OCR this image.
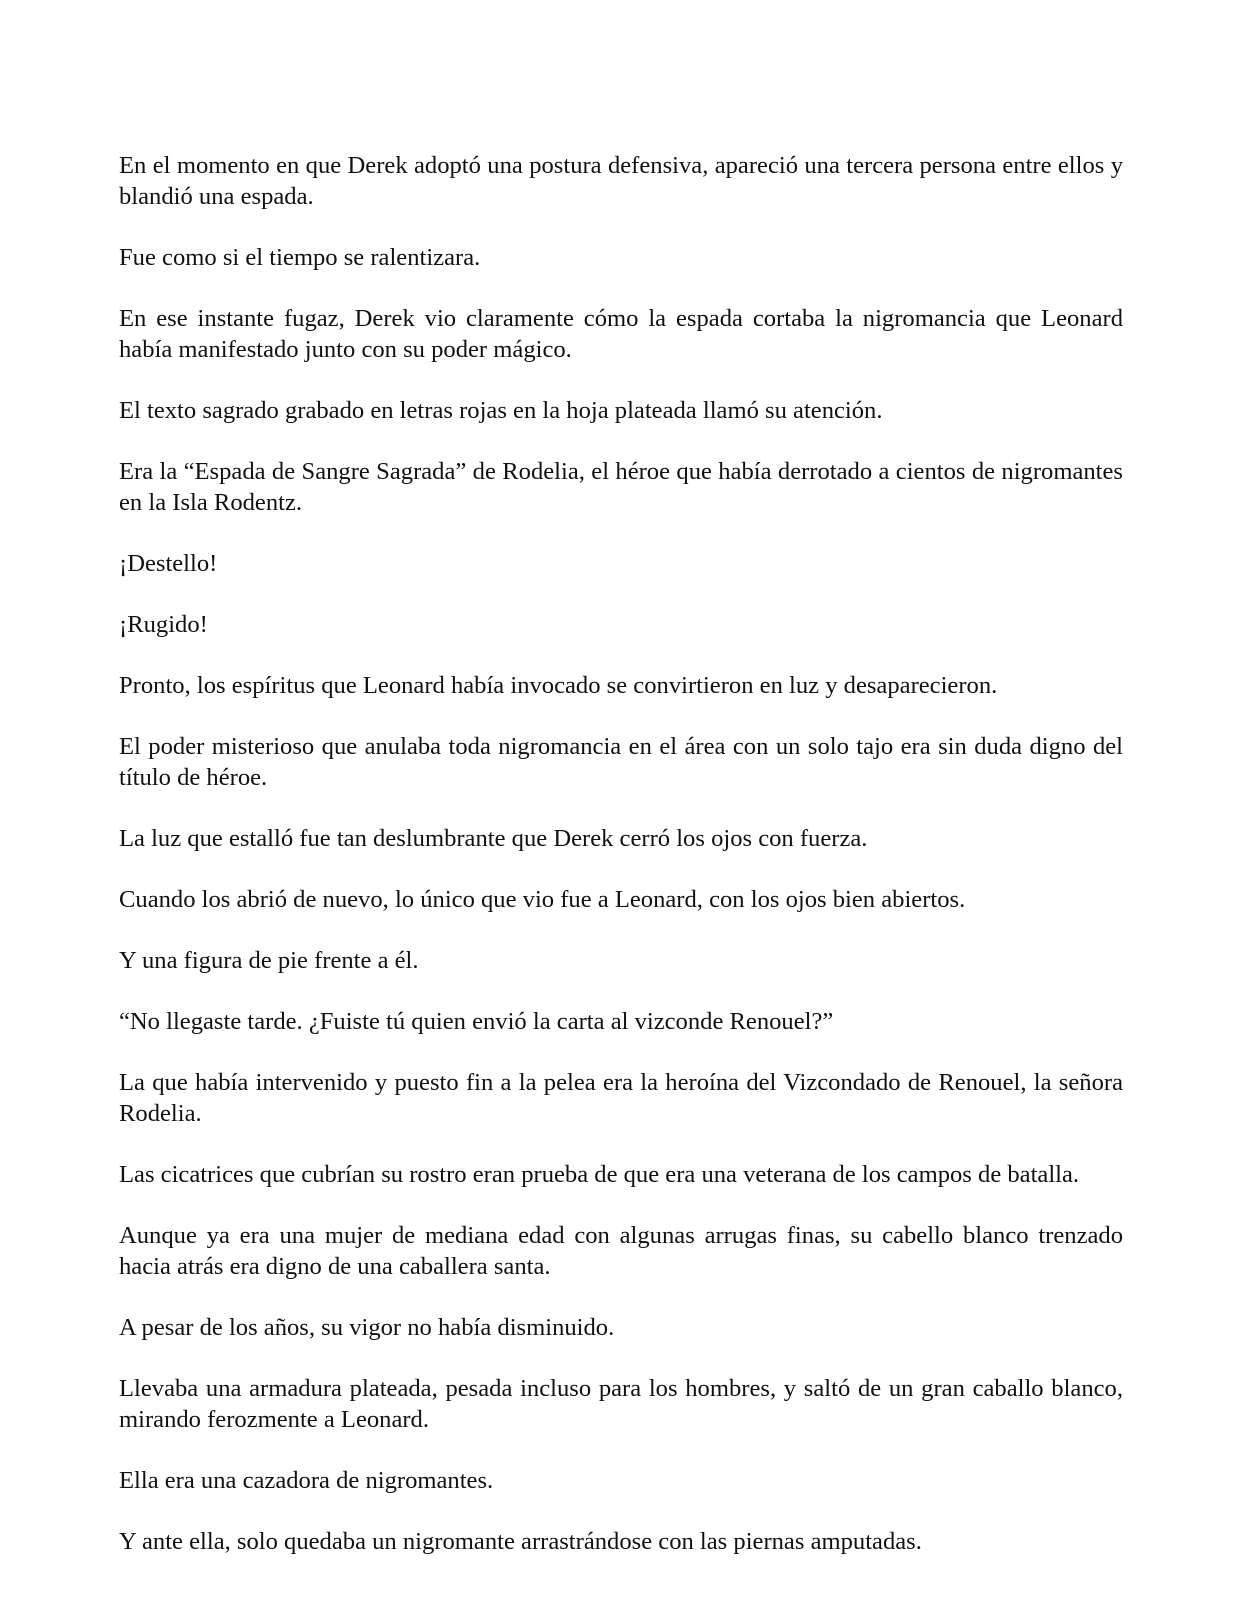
En el momento en que Derek adoptó una postura defensiva, apareció una tercera persona entre ellos y blandió una espada.

Fue como si el tiempo se ralentizara.

En ese instante fugaz, Derek vio claramente cómo la espada cortaba la nigromancia que Leonard había manifestado junto con su poder mágico.

El texto sagrado grabado en letras rojas en la hoja plateada llamó su atención.

Era la “Espada de Sangre Sagrada” de Rodelia, el héroe que había derrotado a cientos de nigromantes en la Isla Rodentz.

¡Destello!

¡Rugido!

Pronto, los espíritus que Leonard había invocado se convirtieron en luz y desaparecieron.

El poder misterioso que anulaba toda nigromancia en el área con un solo tajo era sin duda digno del título de héroe.

La luz que estalló fue tan deslumbrante que Derek cerró los ojos con fuerza.

Cuando los abrió de nuevo, lo único que vio fue a Leonard, con los ojos bien abiertos.

Y una figura de pie frente a él.

“No llegaste tarde. ¿Fuiste tú quien envió la carta al vizconde Renouel?”

La que había intervenido y puesto fin a la pelea era la heroína del Vizcondado de Renouel, la señora Rodelia.

Las cicatrices que cubrían su rostro eran prueba de que era una veterana de los campos de batalla.

Aunque ya era una mujer de mediana edad con algunas arrugas finas, su cabello blanco trenzado hacia atrás era digno de una caballera santa.

A pesar de los años, su vigor no había disminuido.

Llevaba una armadura plateada, pesada incluso para los hombres, y saltó de un gran caballo blanco, mirando ferozmente a Leonard.

Ella era una cazadora de nigromantes.

Y ante ella, solo quedaba un nigromante arrastrándose con las piernas amputadas.
